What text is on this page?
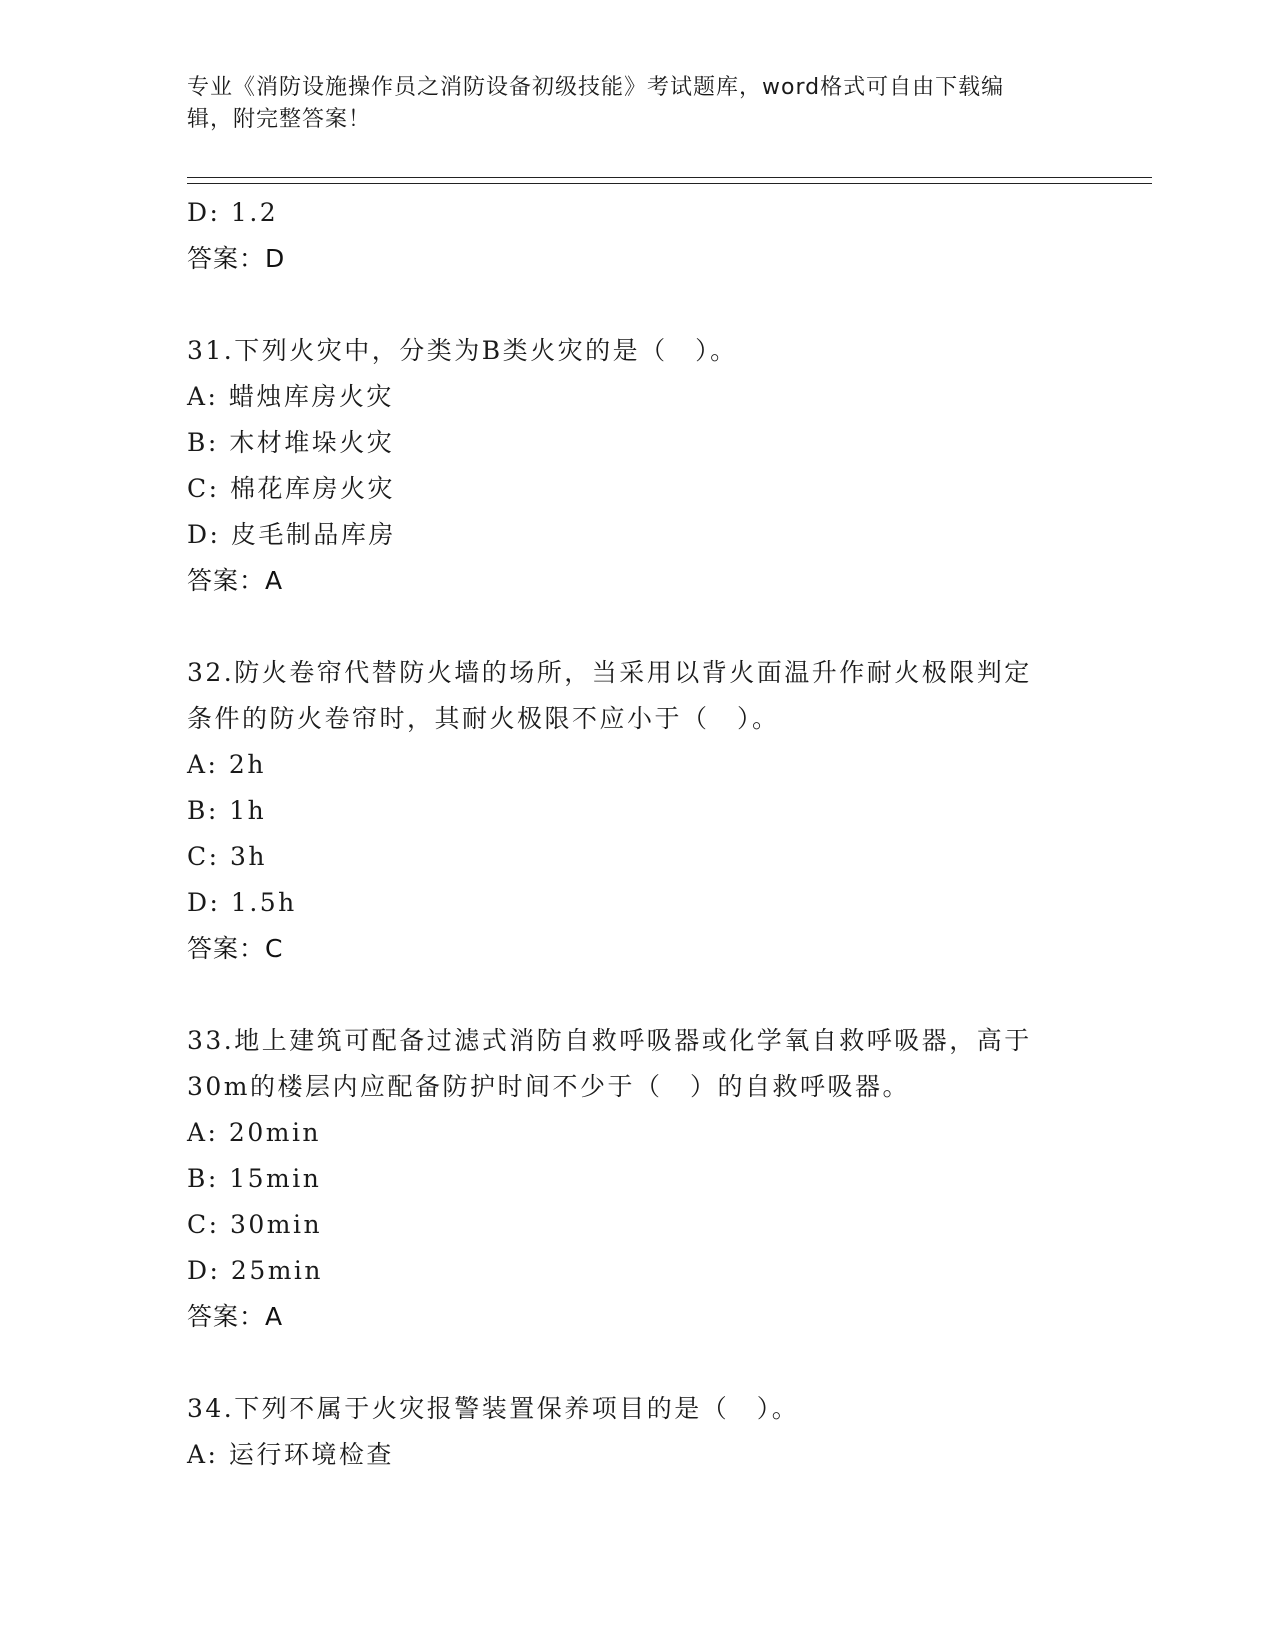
专业《消防设施操作员之消防设备初级技能》考试题库，word格式可自由下载编
辑，附完整答案！
D: 1.2
答案：D
31.下列火灾中，分类为B类火灾的是（　）。
A: 蜡烛库房火灾
B: 木材堆垛火灾
C: 棉花库房火灾
D: 皮毛制品库房
答案：A
32.防火卷帘代替防火墙的场所，当采用以背火面温升作耐火极限判定
条件的防火卷帘时，其耐火极限不应小于（　）。
A: 2h
B: 1h
C: 3h
D: 1.5h
答案：C
33.地上建筑可配备过滤式消防自救呼吸器或化学氧自救呼吸器，高于
30m的楼层内应配备防护时间不少于（　）的自救呼吸器。
A: 20min
B: 15min
C: 30min
D: 25min
答案：A
34.下列不属于火灾报警装置保养项目的是（　）。
A: 运行环境检查
